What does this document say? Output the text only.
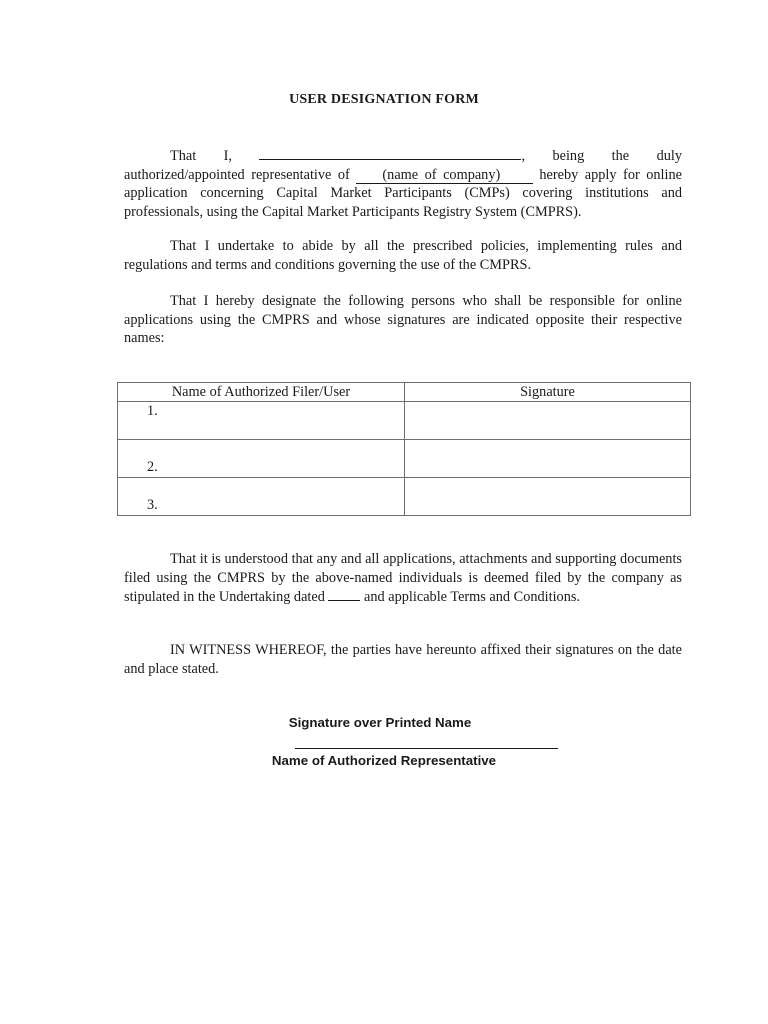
USER DESIGNATION FORM
That I,	, being the duly authorized/appointed representative of     (name of company)      hereby apply for online application concerning Capital Market Participants (CMPs) covering institutions and professionals, using the Capital Market Participants Registry System (CMPRS).
That I undertake to abide by all the prescribed policies, implementing rules and regulations and terms and conditions governing the use of the CMPRS.
That I hereby designate the following persons who shall be responsible for online applications using the CMPRS and whose signatures are indicated opposite their respective names:
Name of Authorized Filer/User	Signature
1.	
2.	
3.	
That it is understood that any and all applications, attachments and supporting documents filed using the CMPRS by the above-named individuals is deemed filed by the company as stipulated in the Undertaking dated  and applicable Terms and Conditions.
IN WITNESS WHEREOF, the parties have hereunto affixed their signatures on the date and place stated.
Signature over Printed Name
Name of Authorized Representative
